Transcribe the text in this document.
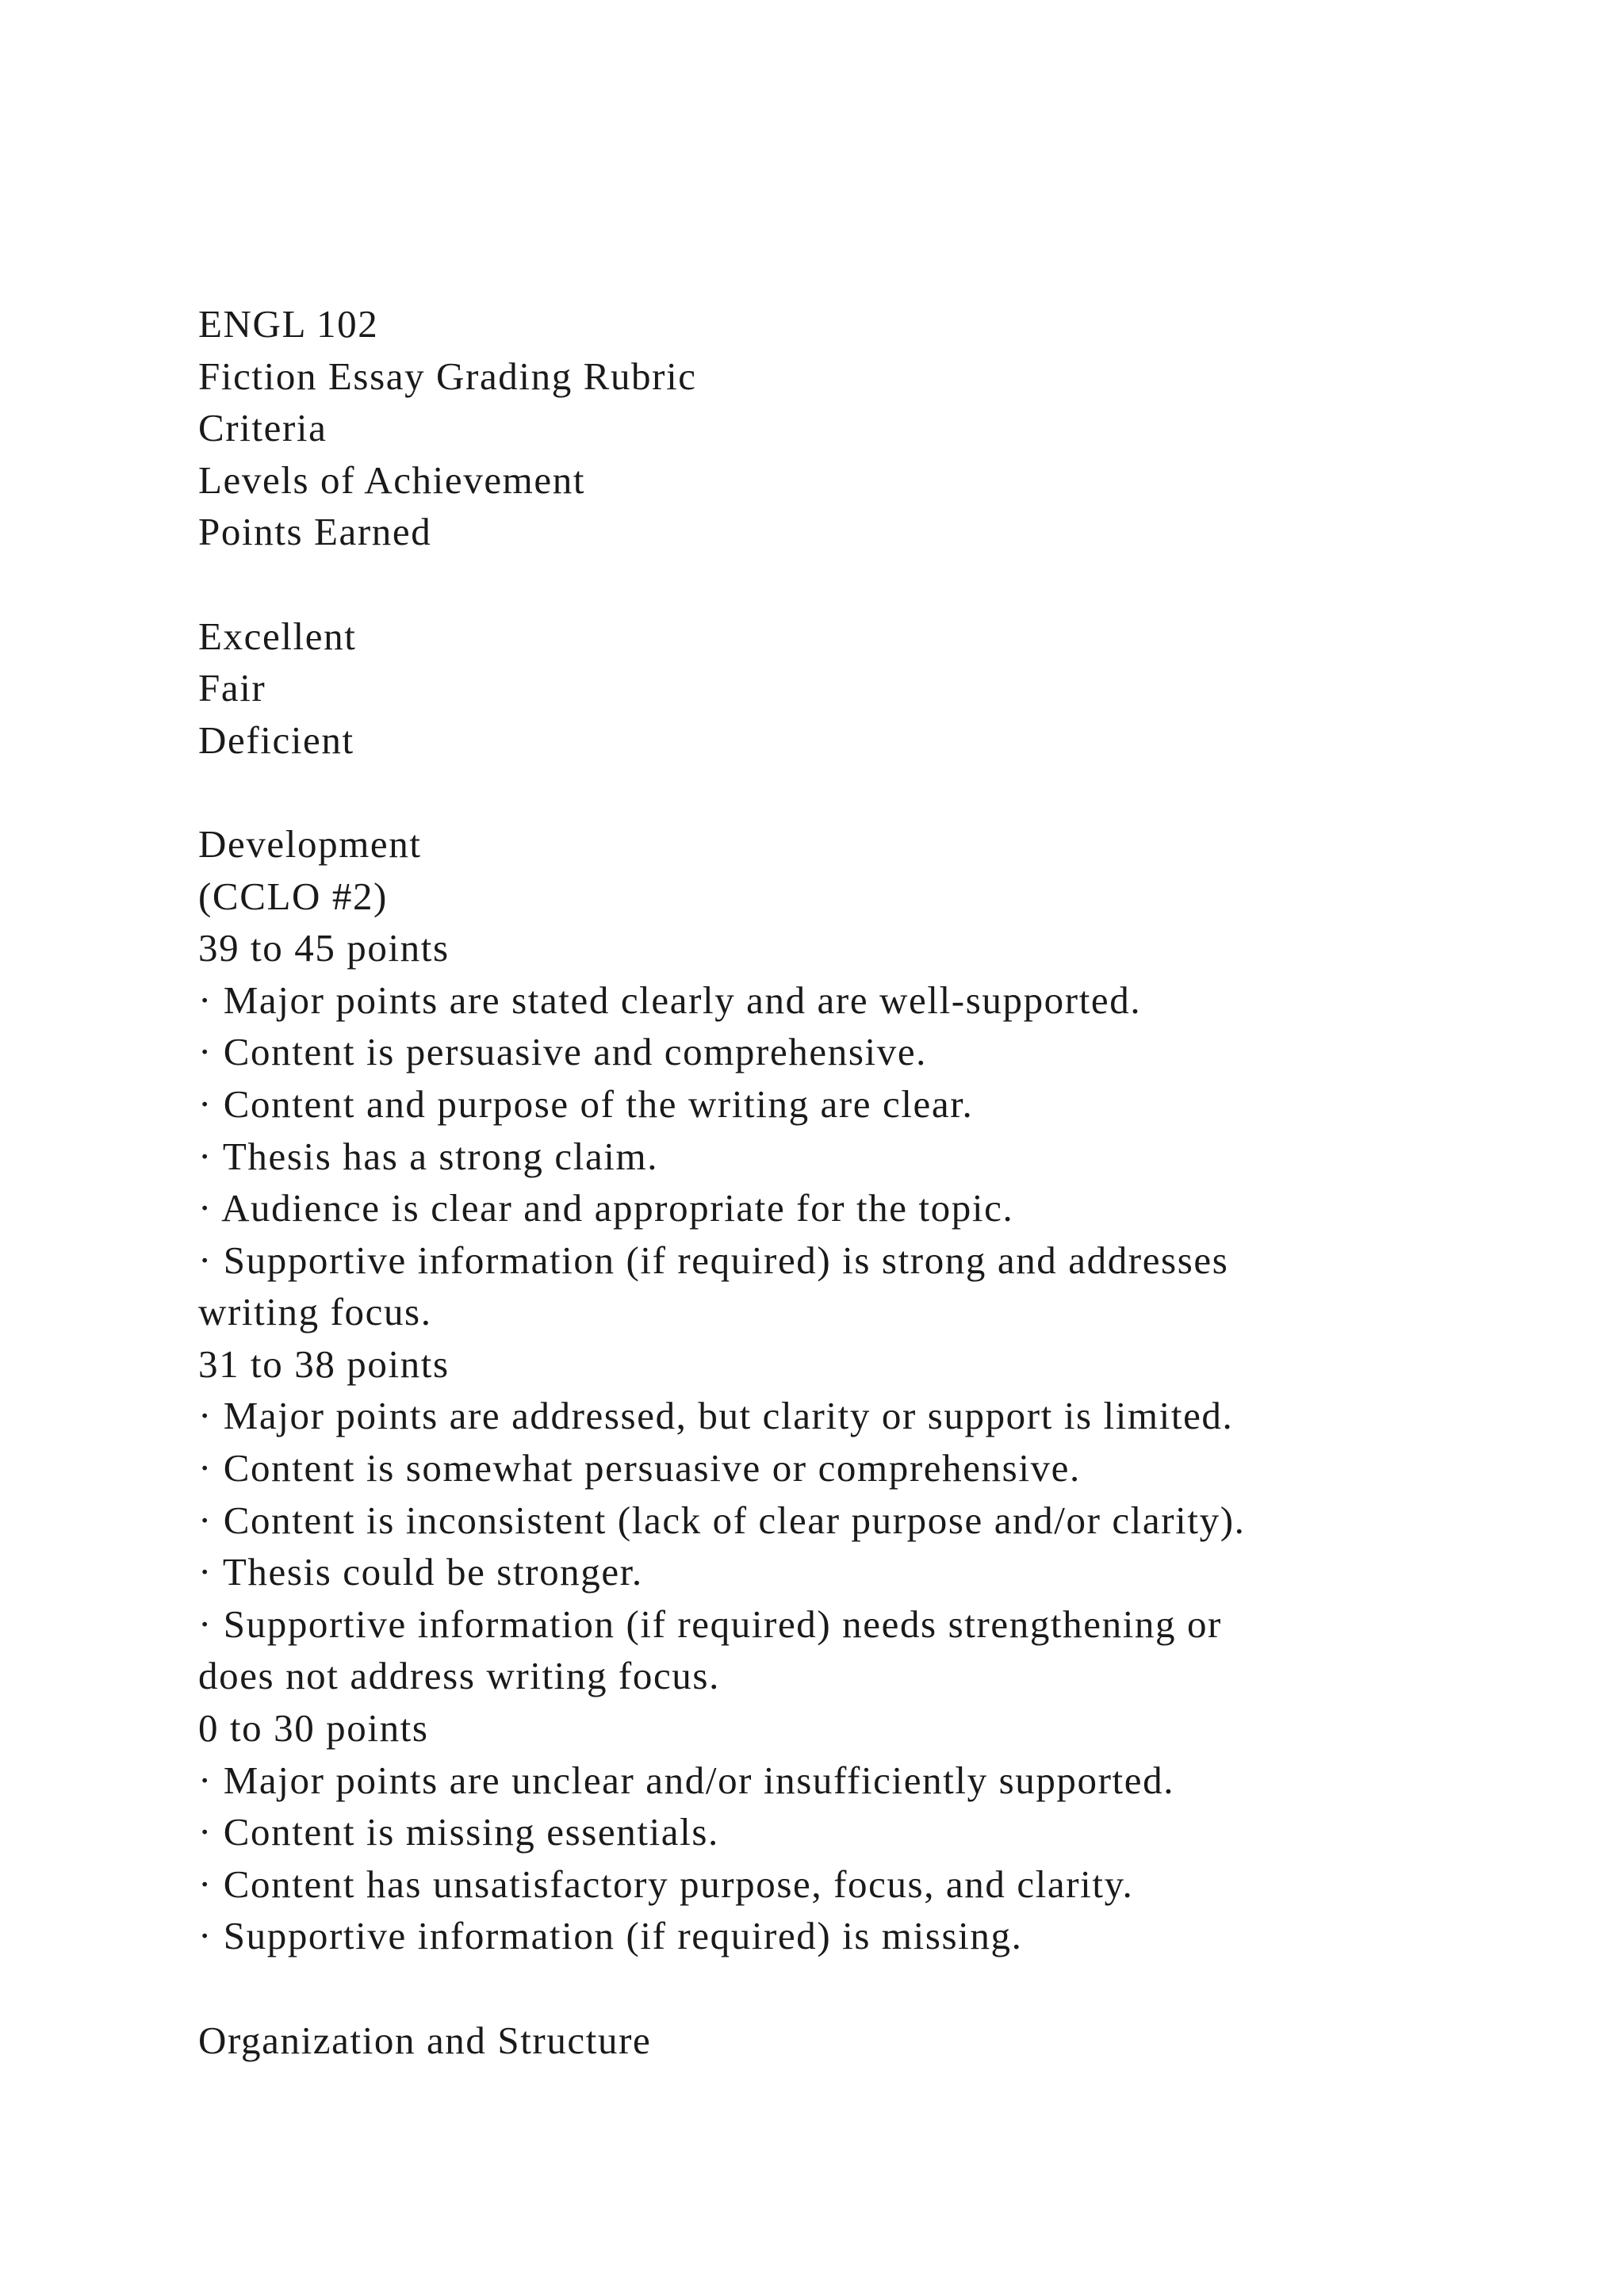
ENGL 102
Fiction Essay Grading Rubric
Criteria
Levels of Achievement
Points Earned
Excellent
Fair
Deficient
Development
(CCLO #2)
39 to 45 points
· Major points are stated clearly and are well-supported.
· Content is persuasive and comprehensive.
· Content and purpose of the writing are clear.
· Thesis has a strong claim.
· Audience is clear and appropriate for the topic.
· Supportive information (if required) is strong and addresses
writing focus.
31 to 38 points
· Major points are addressed, but clarity or support is limited.
· Content is somewhat persuasive or comprehensive.
· Content is inconsistent (lack of clear purpose and/or clarity).
· Thesis could be stronger.
· Supportive information (if required) needs strengthening or
does not address writing focus.
0 to 30 points
· Major points are unclear and/or insufficiently supported.
· Content is missing essentials.
· Content has unsatisfactory purpose, focus, and clarity.
· Supportive information (if required) is missing.
Organization and Structure
